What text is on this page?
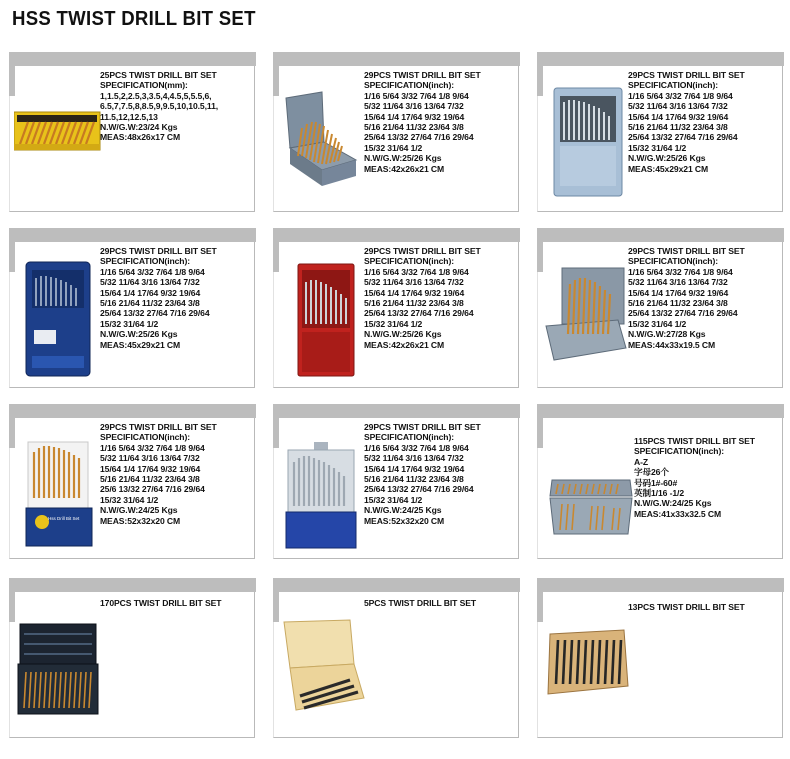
HSS TWIST DRILL BIT SET
25PCS TWIST DRILL BIT SET
SPECIFICATION(mm):
1,1.5,2,2.5,3,3.5,4,4.5,5,5.5,6,
6.5,7,7.5,8,8.5,9,9.5,10,10.5,11,
11.5,12,12.5,13
N.W/G.W:23/24 Kgs
MEAS:48x26x17 CM
29PCS TWIST DRILL BIT SET
SPECIFICATION(inch):
1/16 5/64 3/32 7/64 1/8 9/64
5/32 11/64 3/16 13/64 7/32
15/64 1/4 17/64 9/32 19/64
5/16 21/64 11/32 23/64 3/8
25/64 13/32 27/64 7/16 29/64
15/32 31/64 1/2
N.W/G.W:25/26 Kgs
MEAS:42x26x21 CM
29PCS TWIST DRILL BIT SET
SPECIFICATION(inch):
1/16 5/64 3/32 7/64 1/8 9/64
5/32 11/64 3/16 13/64 7/32
15/64 1/4 17/64 9/32 19/64
5/16 21/64 11/32 23/64 3/8
25/64 13/32 27/64 7/16 29/64
15/32 31/64 1/2
N.W/G.W:25/26 Kgs
MEAS:45x29x21 CM
29PCS TWIST DRILL BIT SET
SPECIFICATION(inch):
1/16 5/64 3/32 7/64 1/8 9/64
5/32 11/64 3/16 13/64 7/32
15/64 1/4 17/64 9/32 19/64
5/16 21/64 11/32 23/64 3/8
25/64 13/32 27/64 7/16 29/64
15/32 31/64 1/2
N.W/G.W:25/26 Kgs
MEAS:45x29x21 CM
29PCS TWIST DRILL BIT SET
SPECIFICATION(inch):
1/16 5/64 3/32 7/64 1/8 9/64
5/32 11/64 3/16 13/64 7/32
15/64 1/4 17/64 9/32 19/64
5/16 21/64 11/32 23/64 3/8
25/64 13/32 27/64 7/16 29/64
15/32 31/64 1/2
N.W/G.W:25/26 Kgs
MEAS:42x26x21 CM
29PCS TWIST DRILL BIT SET
SPECIFICATION(inch):
1/16 5/64 3/32 7/64 1/8 9/64
5/32 11/64 3/16 13/64 7/32
15/64 1/4 17/64 9/32 19/64
5/16 21/64 11/32 23/64 3/8
25/64 13/32 27/64 7/16 29/64
15/32 31/64 1/2
N.W/G.W:27/28 Kgs
MEAS:44x33x19.5 CM
Hss Drill Bit Set
29PCS TWIST DRILL BIT SET
SPECIFICATION(inch):
1/16 5/64 3/32 7/64 1/8 9/64
5/32 11/64 3/16 13/64 7/32
15/64 1/4 17/64 9/32 19/64
5/16 21/64 11/32 23/64 3/8
25/6 13/32 27/64 7/16 29/64
15/32 31/64 1/2
N.W/G.W:24/25 Kgs
MEAS:52x32x20 CM
29PCS TWIST DRILL BIT SET
SPECIFICATION(inch):
1/16 5/64 3/32 7/64 1/8 9/64
5/32 11/64 3/16 13/64 7/32
15/64 1/4 17/64 9/32 19/64
5/16 21/64 11/32 23/64 3/8
25/64 13/32 27/64 7/16 29/64
15/32 31/64 1/2
N.W/G.W:24/25 Kgs
MEAS:52x32x20 CM
115PCS TWIST DRILL BIT SET
SPECIFICATION(inch):
A-Z
字母26个
号码1#-60#
英制1/16 -1/2
N.W/G.W:24/25 Kgs
MEAS:41x33x32.5 CM
170PCS TWIST DRILL BIT SET	5PCS TWIST DRILL BIT SET	13PCS TWIST DRILL BIT SET
